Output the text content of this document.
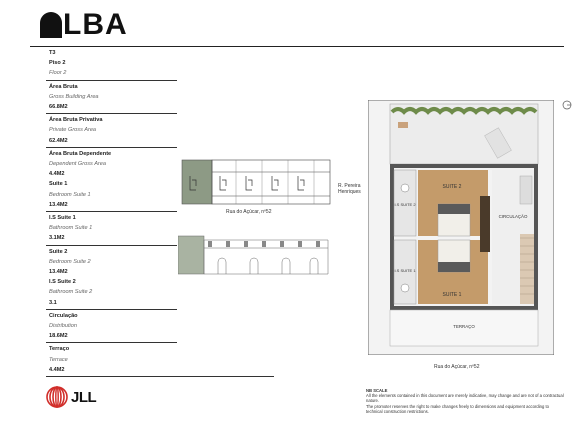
LBA
T3
Piso 2
Floor 2
Área Bruta
Gross Building Area
66.8M2
Área Bruta Privativa
Private Gross Area
62.4M2
Área Bruta Dependente
Dependent Gross Area
4.4M2
Suite 1
Bedroom Suite 1
13.4M2
I.S Suite 1
Bathroom Suite 1
3.1M2
Suite 2
Bedroom Suite 2
13.4M2
I.S Suite 2
Bathroom Suite 2
3.1
Circulação
Distribution
18.6M2
Terraço
Terrace
4.4M2
Rua do Açúcar, nº52
R. Pereira Henriques
SUITE 2
SUITE 1
I.S SUITE 2
I.S SUITE 1
CIRCULAÇÃO
TERRAÇO
Rua do Açúcar, nº52
JLL	NB SCALE
All the elements contained in this document are merely indicative, may change and are not of a contractual nature.
The promoter reserves the right to make changes freely to dimensions and equipment according to technical construction restrictions.
